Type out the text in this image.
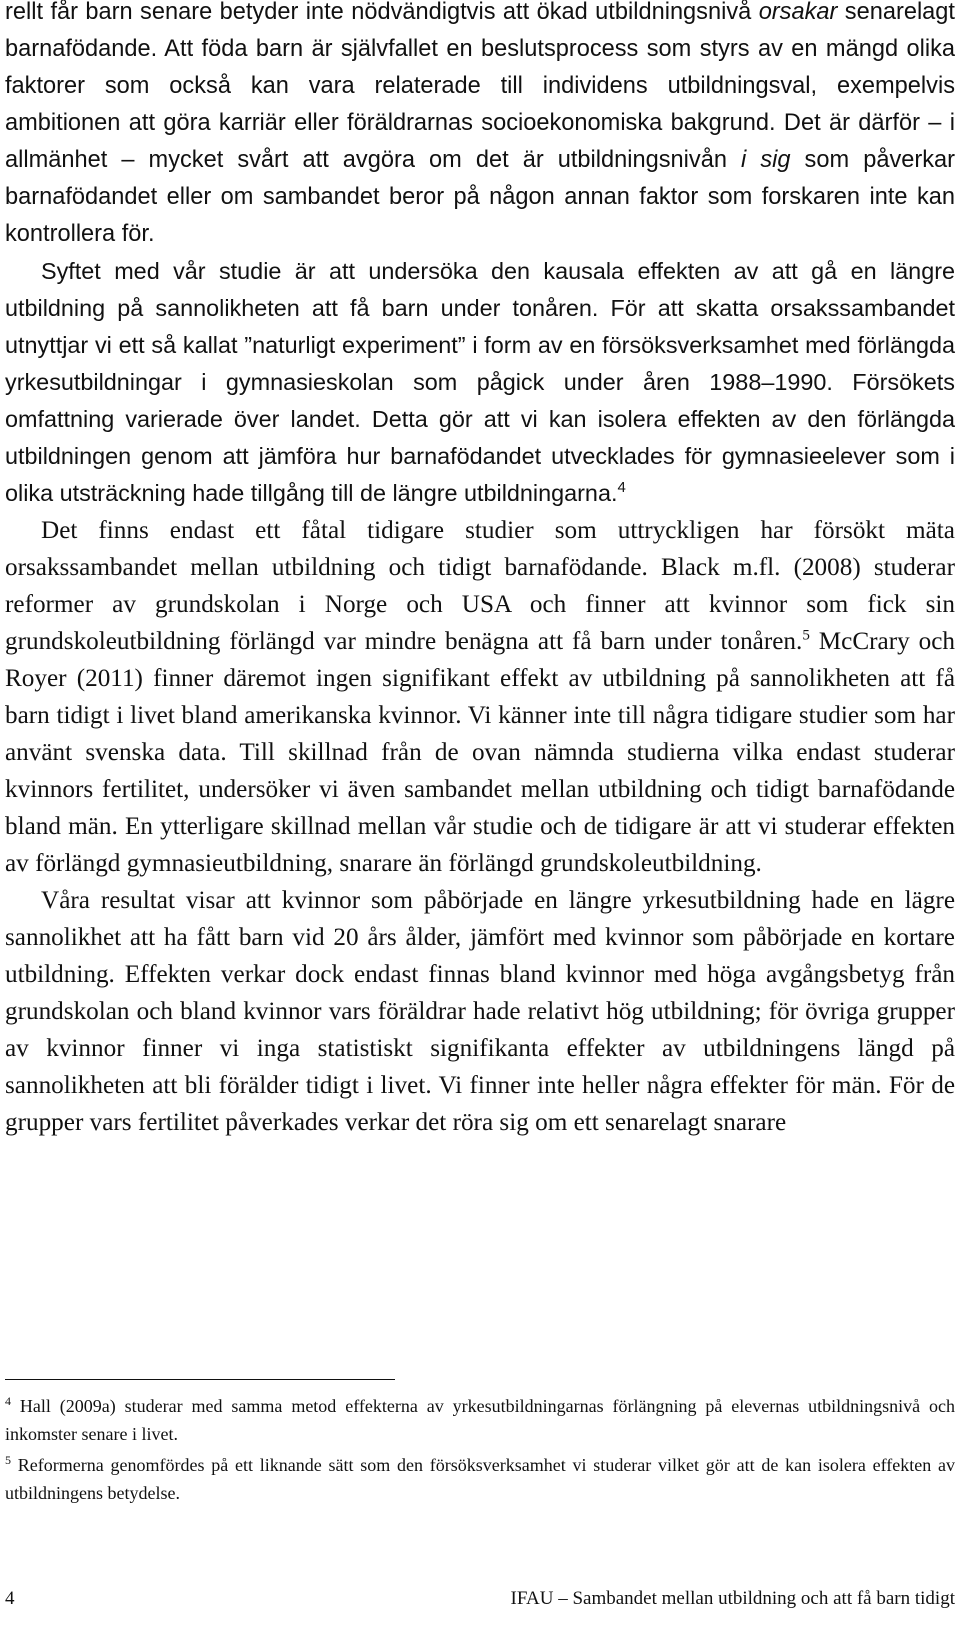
rellt får barn senare betyder inte nödvändigtvis att ökad utbildningsnivå orsakar senarelagt barnafödande. Att föda barn är självfallet en beslutsprocess som styrs av en mängd olika faktorer som också kan vara relaterade till individens utbildningsval, exempelvis ambitionen att göra karriär eller föräldrarnas socioekonomiska bakgrund. Det är därför – i allmänhet – mycket svårt att avgöra om det är utbildningsnivån i sig som påverkar barnafödandet eller om sambandet beror på någon annan faktor som forskaren inte kan kontrollera för.

Syftet med vår studie är att undersöka den kausala effekten av att gå en längre utbildning på sannolikheten att få barn under tonåren. För att skatta orsakssambandet utnyttjar vi ett så kallat ”naturligt experiment” i form av en försöksverksamhet med förlängda yrkesutbildningar i gymnasieskolan som pågick under åren 1988–1990. Försökets omfattning varierade över landet. Detta gör att vi kan isolera effekten av den förlängda utbildningen genom att jämföra hur barnafödandet utvecklades för gymnasieelever som i olika utsträckning hade tillgång till de längre utbildningarna.$^4$

Det finns endast ett fåtal tidigare studier som uttryckligen har försökt mäta orsakssambandet mellan utbildning och tidigt barnafödande. Black m.fl. (2008) studerar reformer av grundskolan i Norge och USA och finner att kvinnor som fick sin grundskoleutbildning förlängd var mindre benägna att få barn under tonåren.$^5$ McCrary och Royer (2011) finner däremot ingen signifikant effekt av utbildning på sannolikheten att få barn tidigt i livet bland amerikanska kvinnor. Vi känner inte till några tidigare studier som har använt svenska data. Till skillnad från de ovan nämnda studierna vilka endast studerar kvinnors fertilitet, undersöker vi även sambandet mellan utbildning och tidigt barnafödande bland män. En ytterligare skillnad mellan vår studie och de tidigare är att vi studerar effekten av förlängd gymnasieutbildning, snarare än förlängd grundskoleutbildning.

Våra resultat visar att kvinnor som påbörjade en längre yrkesutbildning hade en lägre sannolikhet att ha fått barn vid 20 års ålder, jämfört med kvinnor som påbörjade en kortare utbildning. Effekten verkar dock endast finnas bland kvinnor med höga avgångsbetyg från grundskolan och bland kvinnor vars föräldrar hade relativt hög utbildning; för övriga grupper av kvinnor finner vi inga statistiskt signifikanta effekter av utbildningens längd på sannolikheten att bli förälder tidigt i livet. Vi finner inte heller några effekter för män. För de grupper vars fertilitet påverkades verkar det röra sig om ett senarelagt snarare

$^4$ Hall (2009a) studerar med samma metod effekterna av yrkesutbildningarnas förlängning på elevernas utbildningsnivå och inkomster senare i livet.

$^5$ Reformerna genomfördes på ett liknande sätt som den försöksverksamhet vi studerar vilket gör att de kan isolera effekten av utbildningens betydelse.

4	IFAU – Sambandet mellan utbildning och att få barn tidigt
